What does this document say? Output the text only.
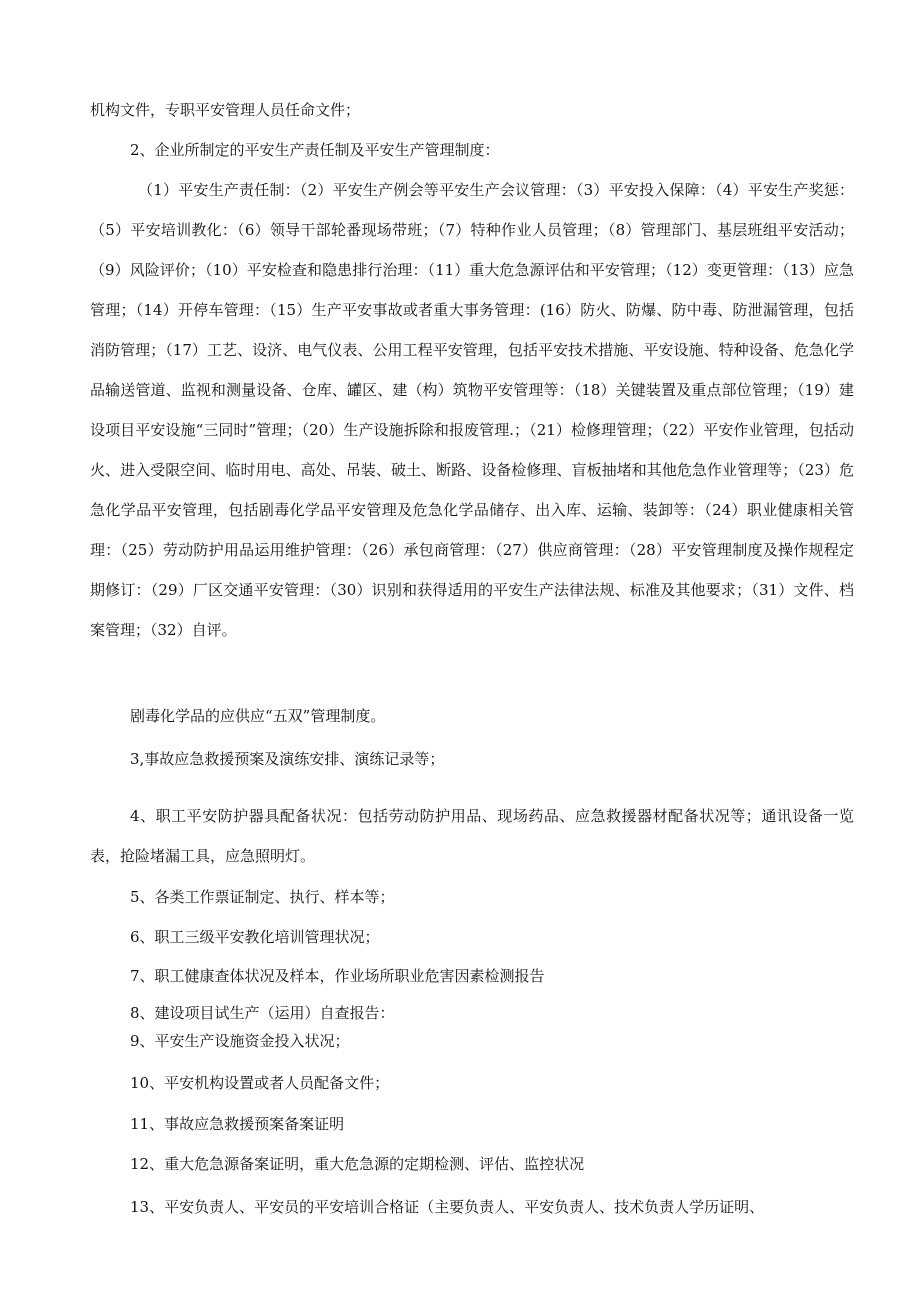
机构文件，专职平安管理人员任命文件；

2、企业所制定的平安生产责任制及平安生产管理制度：

（1）平安生产责任制：（2）平安生产例会等平安生产会议管理：（3）平安投入保障：（4）平安生产奖惩：（5）平安培训教化：（6）领导干部轮番现场带班；（7）特种作业人员管理；（8）管理部门、基层班组平安活动；（9）风险评价；（10）平安检查和隐患排行治理：（11）重大危急源评估和平安管理；（12）变更管理：（13）应急管理；（14）开停车管理：（15）生产平安事故或者重大事务管理：(16）防火、防爆、防中毒、防泄漏管理，包括消防管理；（17）工艺、设济、电气仪表、公用工程平安管理，包括平安技术措施、平安设施、特种设备、危急化学品输送管道、监视和测量设备、仓库、罐区、建（构）筑物平安管理等：（18）关键装置及重点部位管理；（19）建设项目平安设施“三同时”管理；（20）生产设施拆除和报废管理.；（21）检修理管理；（22）平安作业管理，包括动火、进入受限空间、临时用电、高处、吊装、破土、断路、设备检修理、盲板抽堵和其他危急作业管理等；（23）危急化学品平安管理，包括剧毒化学品平安管理及危急化学品储存、出入库、运输、装卸等：（24）职业健康相关管理：（25）劳动防护用品运用维护管理：（26）承包商管理：（27）供应商管理：（28）平安管理制度及操作规程定期修订：（29）厂区交通平安管理：（30）识别和获得适用的平安生产法律法规、标准及其他要求；（31）文件、档案管理；（32）自评。

剧毒化学品的应供应“五双”管理制度。

3,事故应急救援预案及演练安排、演练记录等；

4、职工平安防护器具配备状况：包括劳动防护用品、现场药品、应急救援器材配备状况等；通讯设备一览表，抢险堵漏工具，应急照明灯。

5、各类工作票证制定、执行、样本等；

6、职工三级平安教化培训管理状况；

7、职工健康查体状况及样本，作业场所职业危害因素检测报告

8、建设项目试生产（运用）自查报告：

9、平安生产设施资金投入状况；

10、平安机构设置或者人员配备文件；

11、事故应急救援预案备案证明

12、重大危急源备案证明，重大危急源的定期检测、评估、监控状况

13、平安负责人、平安员的平安培训合格证（主要负责人、平安负责人、技术负责人学历证明、
